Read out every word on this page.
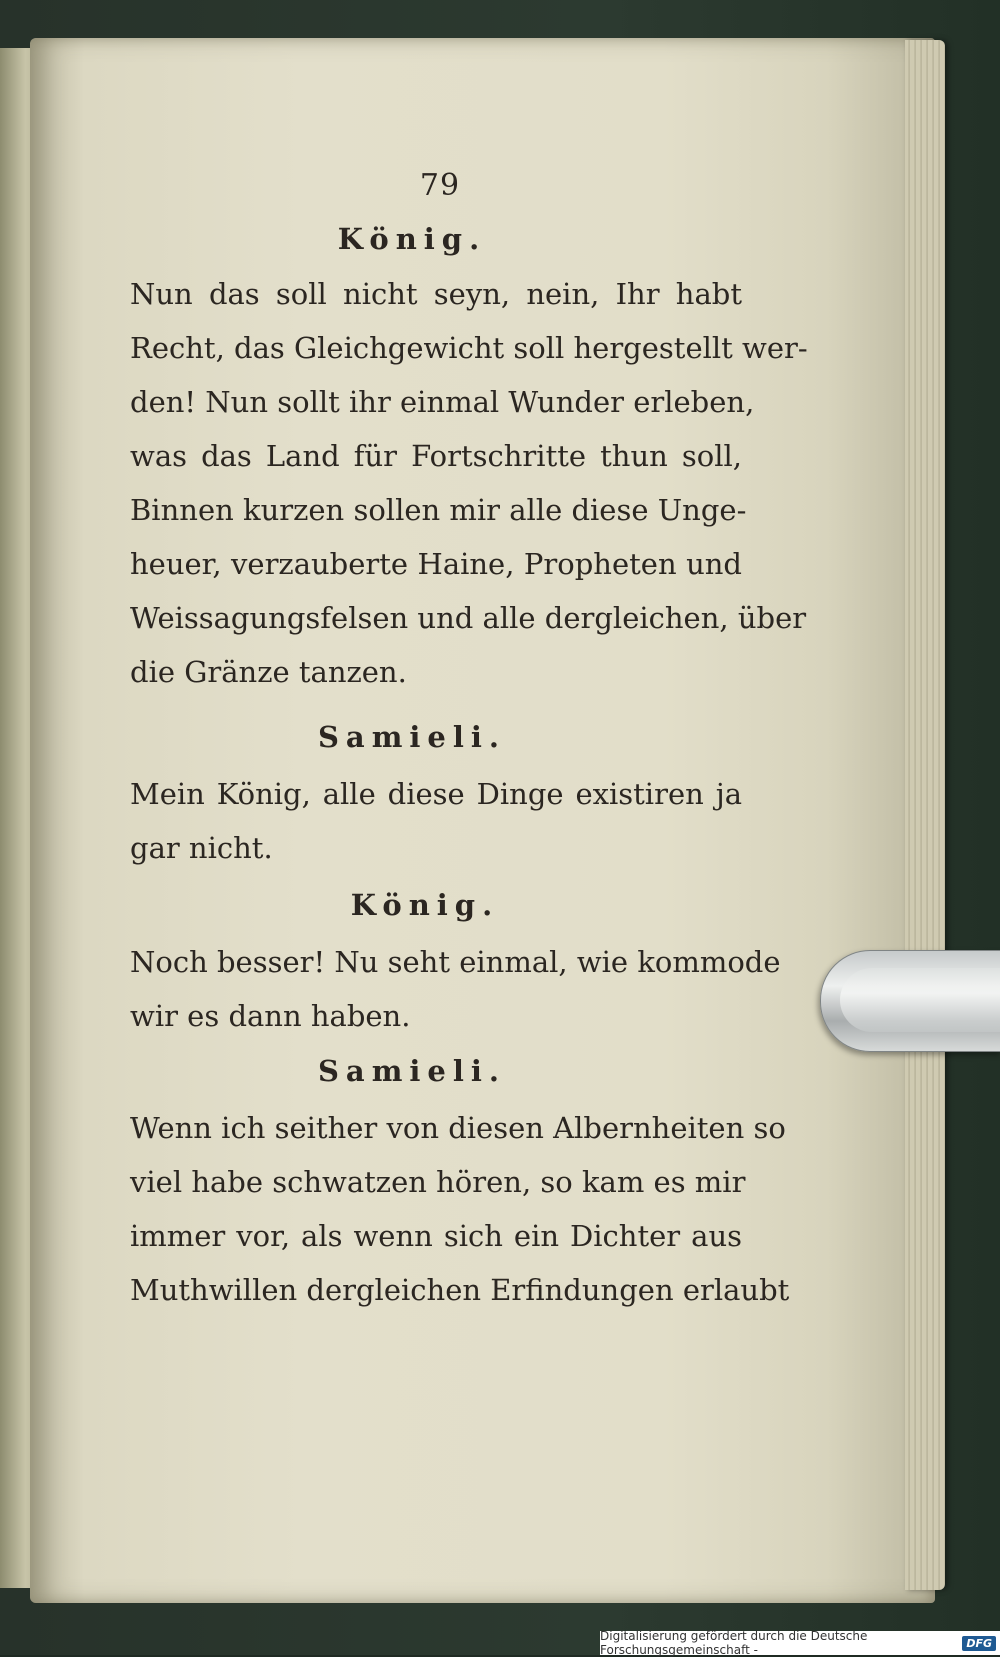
79
König.
Nun das soll nicht seyn, nein, Ihr habt
Recht, das Gleichgewicht soll hergestellt wer-
den! Nun sollt ihr einmal Wunder erleben,
was das Land für Fortschritte thun soll,
Binnen kurzen sollen mir alle diese Unge-
heuer, verzauberte Haine, Propheten und
Weissagungsfelsen und alle dergleichen, über
die Gränze tanzen.
Samieli.
Mein König, alle diese Dinge existiren ja
gar nicht.
König.
Noch besser! Nu seht einmal, wie kommode
wir es dann haben.
Samieli.
Wenn ich seither von diesen Albernheiten so
viel habe schwatzen hören, so kam es mir
immer vor, als wenn sich ein Dichter aus
Muthwillen dergleichen Erfindungen erlaubt
Digitalisierung gefördert durch die Deutsche Forschungsgemeinschaft -	DFG
